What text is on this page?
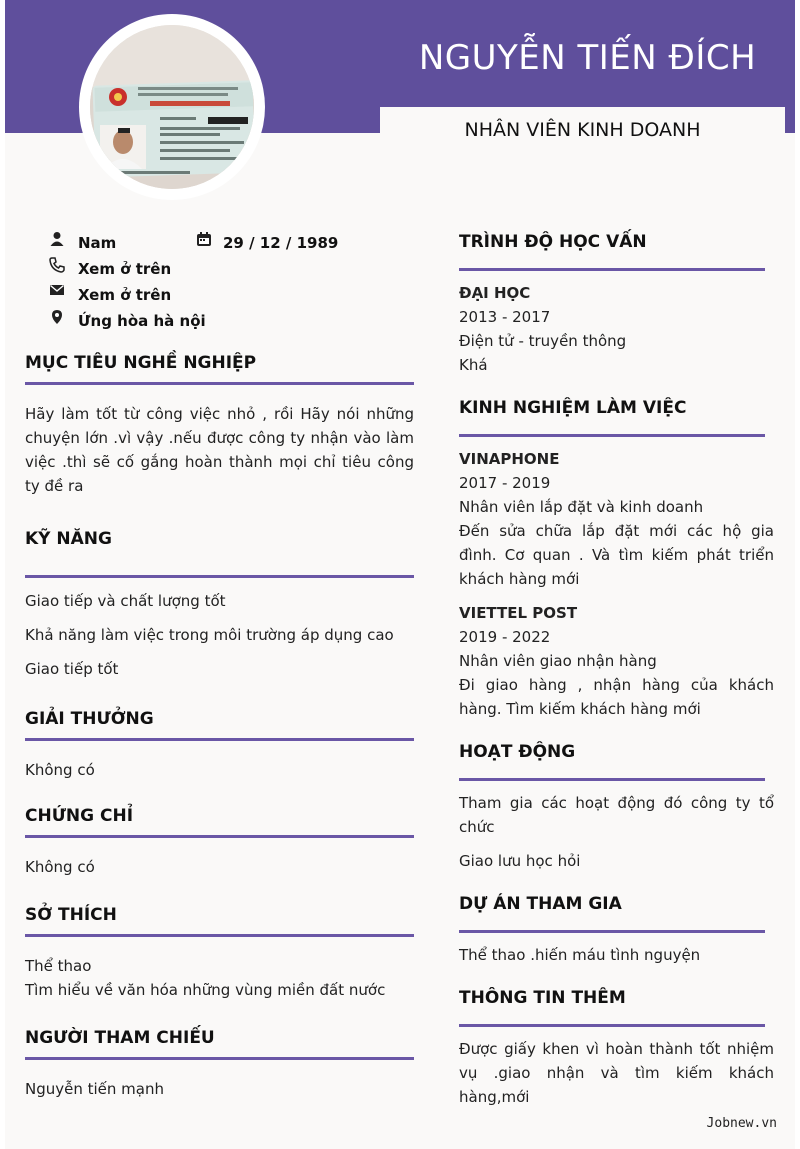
NGUYỄN TIẾN ĐÍCH
NHÂN VIÊN KINH DOANH
Nam	29 / 12 / 1989
Xem ở trên
Xem ở trên
Ứng hòa hà nội
MỤC TIÊU NGHỀ NGHIỆP
Hãy làm tốt từ công việc nhỏ , rồi Hãy nói những chuyện lớn .vì vậy .nếu được công ty nhận vào làm việc .thì sẽ cố gắng hoàn thành mọi chỉ tiêu công ty đề ra
KỸ NĂNG
Giao tiếp và chất lượng tốt
Khả năng làm việc trong môi trường áp dụng cao
Giao tiếp tốt
GIẢI THƯỞNG
Không có
CHỨNG CHỈ
Không có
SỞ THÍCH
Thể thao
Tìm hiểu về văn hóa những vùng miền đất nước
NGƯỜI THAM CHIẾU
Nguyễn tiến mạnh
TRÌNH ĐỘ HỌC VẤN
ĐẠI HỌC
2013 - 2017
Điện tử - truyền thông
Khá
KINH NGHIỆM LÀM VIỆC
VINAPHONE
2017 - 2019
Nhân viên lắp đặt và kinh doanh
Đến sửa chữa lắp đặt mới các hộ gia đình. Cơ quan . Và tìm kiếm phát triển khách hàng mới
VIETTEL POST
2019 - 2022
Nhân viên giao nhận hàng
Đi giao hàng , nhận hàng của khách hàng. Tìm kiếm khách hàng mới
HOẠT ĐỘNG
Tham gia các hoạt động đó công ty tổ chức
Giao lưu học hỏi
DỰ ÁN THAM GIA
Thể thao .hiến máu tình nguyện
THÔNG TIN THÊM
Được giấy khen vì hoàn thành tốt nhiệm vụ .giao nhận và tìm kiếm khách hàng,mới
Jobnew.vn
